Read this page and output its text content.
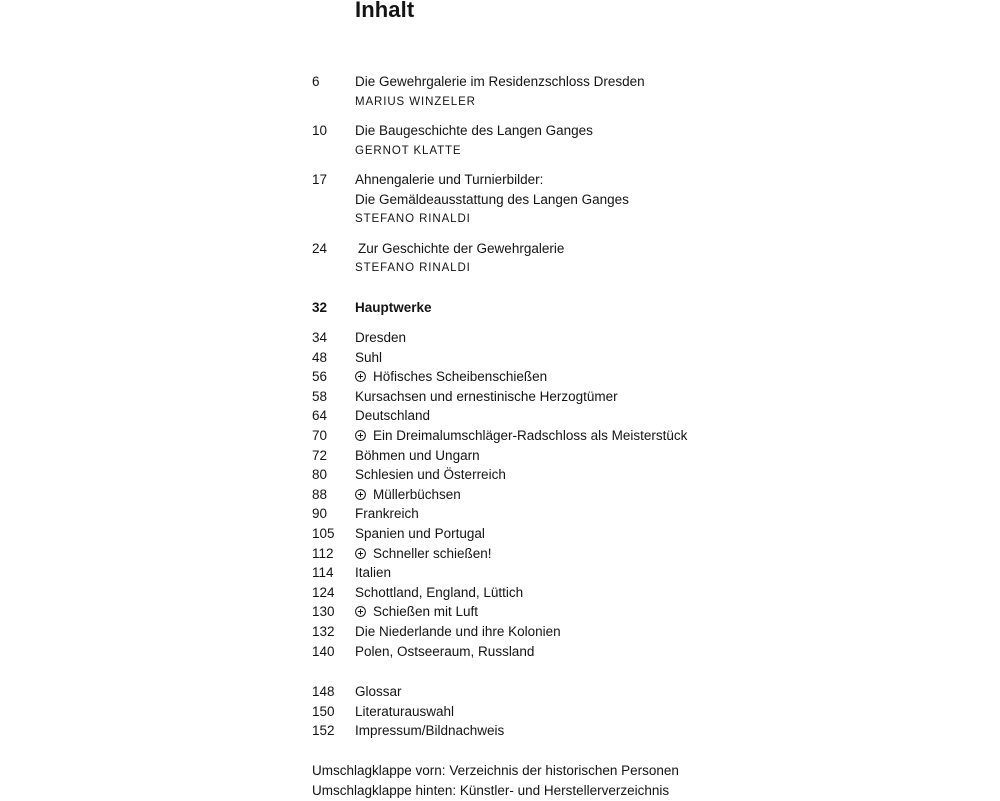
Inhalt
6	Die Gewehrgalerie im Residenzschloss Dresden
MARIUS WINZELER
10 Die Baugeschichte des Langen Ganges
GERNOT KLATTE
17 Ahnengalerie und Turnierbilder:
Die Gemäldeausstattung des Langen Ganges
STEFANO RINALDI
24 Zur Geschichte der Gewehrgalerie
STEFANO RINALDI
32 Hauptwerke
34 Dresden
48 Suhl
56	Höfisches Scheibenschießen
58 Kursachsen und ernestinische Herzogtümer
64 Deutschland
70	Ein Dreimalumschläger-Radschloss als Meisterstück
72 Böhmen und Ungarn
80 Schlesien und Österreich
88	Müllerbüchsen
90 Frankreich
105 Spanien und Portugal
112	Schneller schießen!
114 Italien
124 Schottland, England, Lüttich
130	Schießen mit Luft
132 Die Niederlande und ihre Kolonien
140 Polen, Ostseeraum, Russland
148 Glossar
150 Literaturauswahl
152 Impressum/Bildnachweis
Umschlagklappe vorn: Verzeichnis der historischen Personen
Umschlagklappe hinten: Künstler- und Herstellerverzeichnis
